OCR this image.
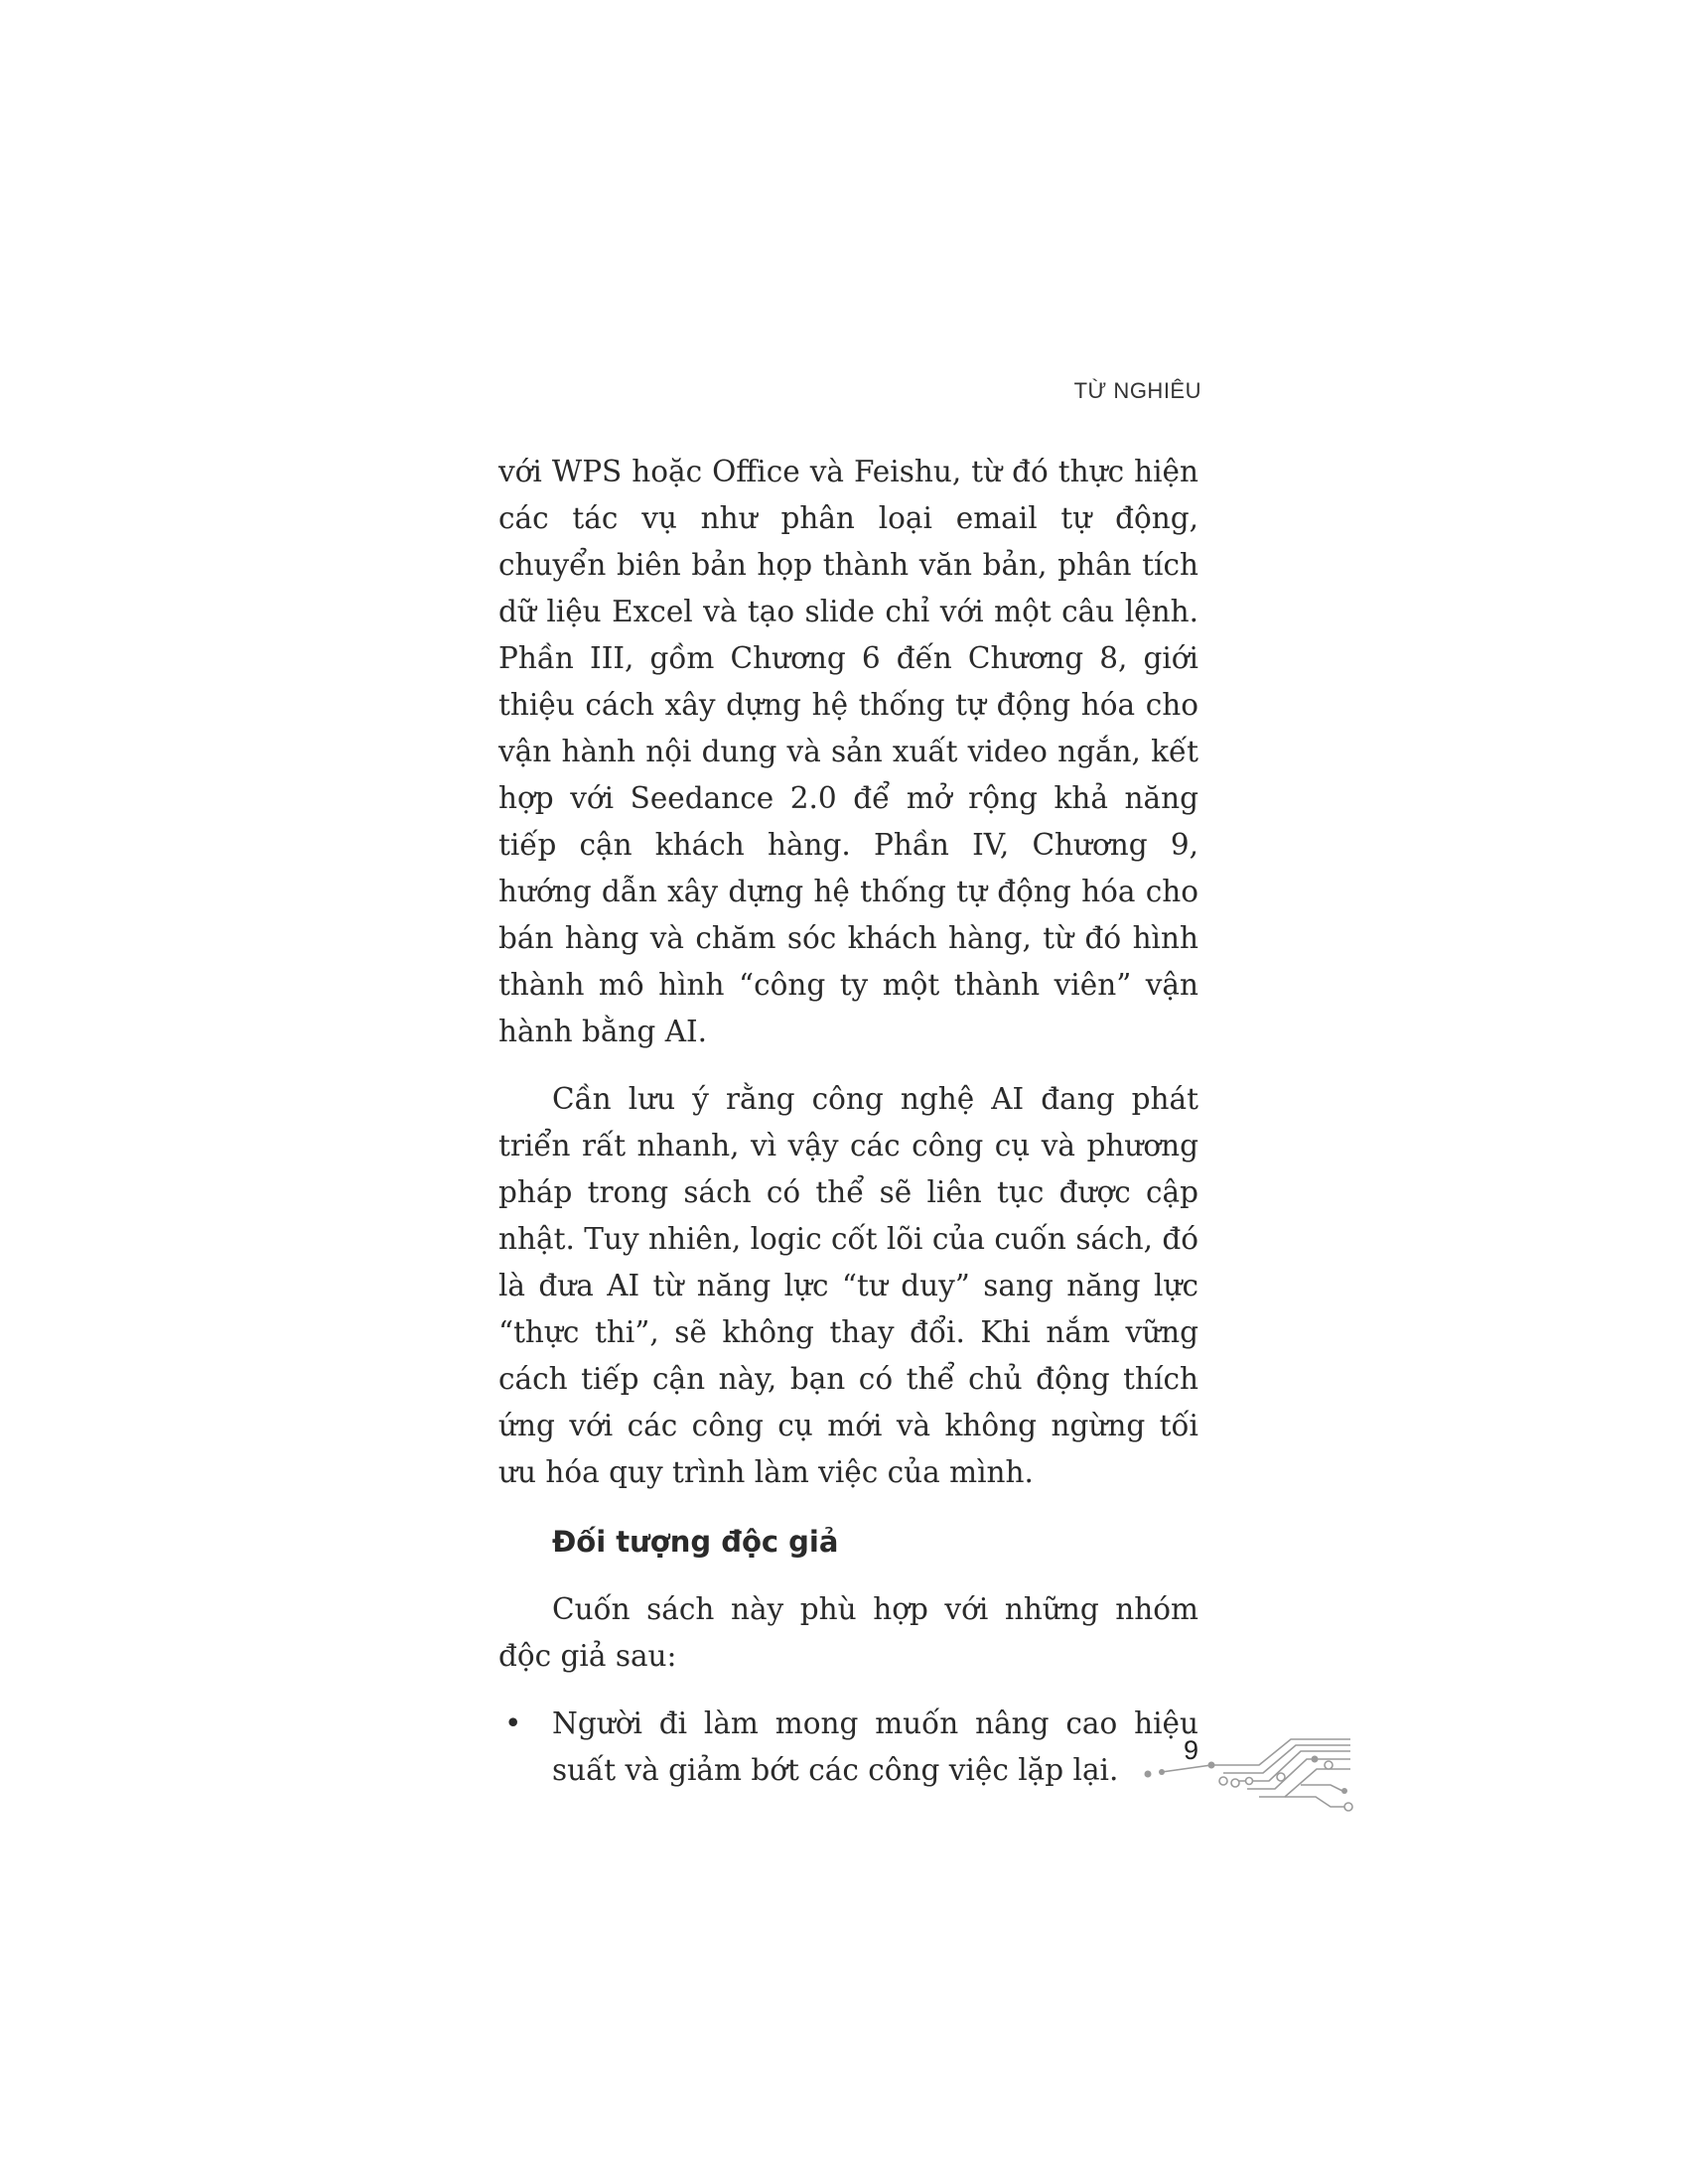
TỪ NGHIÊU

với WPS hoặc Office và Feishu, từ đó thực hiện các tác vụ như phân loại email tự động, chuyển biên bản họp thành văn bản, phân tích dữ liệu Excel và tạo slide chỉ với một câu lệnh. Phần III, gồm Chương 6 đến Chương 8, giới thiệu cách xây dựng hệ thống tự động hóa cho vận hành nội dung và sản xuất video ngắn, kết hợp với Seedance 2.0 để mở rộng khả năng tiếp cận khách hàng. Phần IV, Chương 9, hướng dẫn xây dựng hệ thống tự động hóa cho bán hàng và chăm sóc khách hàng, từ đó hình thành mô hình “công ty một thành viên” vận hành bằng AI.

Cần lưu ý rằng công nghệ AI đang phát triển rất nhanh, vì vậy các công cụ và phương pháp trong sách có thể sẽ liên tục được cập nhật. Tuy nhiên, logic cốt lõi của cuốn sách, đó là đưa AI từ năng lực “tư duy” sang năng lực “thực thi”, sẽ không thay đổi. Khi nắm vững cách tiếp cận này, bạn có thể chủ động thích ứng với các công cụ mới và không ngừng tối ưu hóa quy trình làm việc của mình.

Đối tượng độc giả

Cuốn sách này phù hợp với những nhóm độc giả sau:

• Người đi làm mong muốn nâng cao hiệu suất và giảm bớt các công việc lặp lại.
9
